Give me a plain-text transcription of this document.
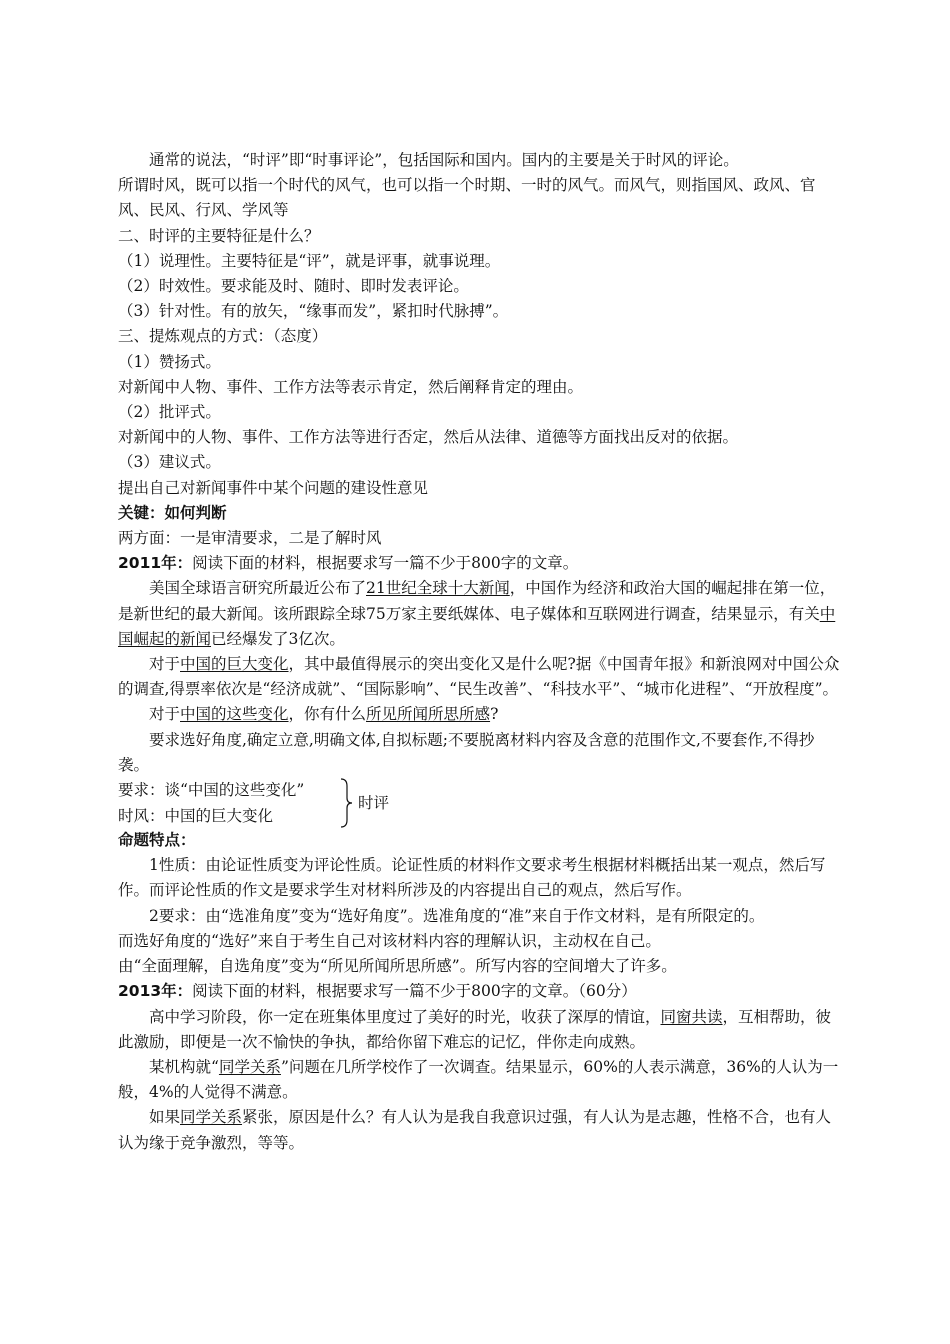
通常的说法，“时评”即“时事评论”，包括国际和国内。国内的主要是关于时风的评论。

所谓时风，既可以指一个时代的风气，也可以指一个时期、一时的风气。而风气，则指国风、政风、官

风、民风、行风、学风等

二、时评的主要特征是什么？

（1）说理性。主要特征是“评”，就是评事，就事说理。

（2）时效性。要求能及时、随时、即时发表评论。

（3）针对性。有的放矢，“缘事而发”，紧扣时代脉搏”。

三、提炼观点的方式：（态度）

（1）赞扬式。

对新闻中人物、事件、工作方法等表示肯定，然后阐释肯定的理由。

（2）批评式。

对新闻中的人物、事件、工作方法等进行否定，然后从法律、道德等方面找出反对的依据。

（3）建议式。

提出自己对新闻事件中某个问题的建设性意见

关键：如何判断

两方面：一是审清要求，二是了解时风

2011年：阅读下面的材料，根据要求写一篇不少于800字的文章。

美国全球语言研究所最近公布了21世纪全球十大新闻，中国作为经济和政治大国的崛起排在第一位，是新世纪的最大新闻。该所跟踪全球75万家主要纸媒体、电子媒体和互联网进行调查，结果显示，有关中国崛起的新闻已经爆发了3亿次。

对于中国的巨大变化，其中最值得展示的突出变化又是什么呢?据《中国青年报》和新浪网对中国公众的调查,得票率依次是“经济成就”、“国际影响”、“民生改善”、“科技水平”、“城市化进程”、“开放程度”。

对于中国的这些变化，你有什么所见所闻所思所感?

要求选好角度,确定立意,明确文体,自拟标题;不要脱离材料内容及含意的范围作文,不要套作,不得抄袭。

要求：谈“中国的这些变化”
时风：中国的巨大变化
时评

命题特点：

1性质：由论证性质变为评论性质。论证性质的材料作文要求考生根据材料概括出某一观点，然后写作。而评论性质的作文是要求学生对材料所涉及的内容提出自己的观点，然后写作。

2要求：由“选准角度”变为“选好角度”。选准角度的“准”来自于作文材料，是有所限定的。

而选好角度的“选好”来自于考生自己对该材料内容的理解认识，主动权在自己。

由“全面理解，自选角度”变为“所见所闻所思所感”。所写内容的空间增大了许多。

2013年：阅读下面的材料，根据要求写一篇不少于800字的文章。（60分）

高中学习阶段，你一定在班集体里度过了美好的时光，收获了深厚的情谊，同窗共读，互相帮助，彼此激励，即便是一次不愉快的争执，都给你留下难忘的记忆，伴你走向成熟。

某机构就“同学关系”问题在几所学校作了一次调查。结果显示，60%的人表示满意，36%的人认为一般，4%的人觉得不满意。

如果同学关系紧张，原因是什么？有人认为是我自我意识过强，有人认为是志趣，性格不合，也有人认为缘于竞争激烈，等等。
